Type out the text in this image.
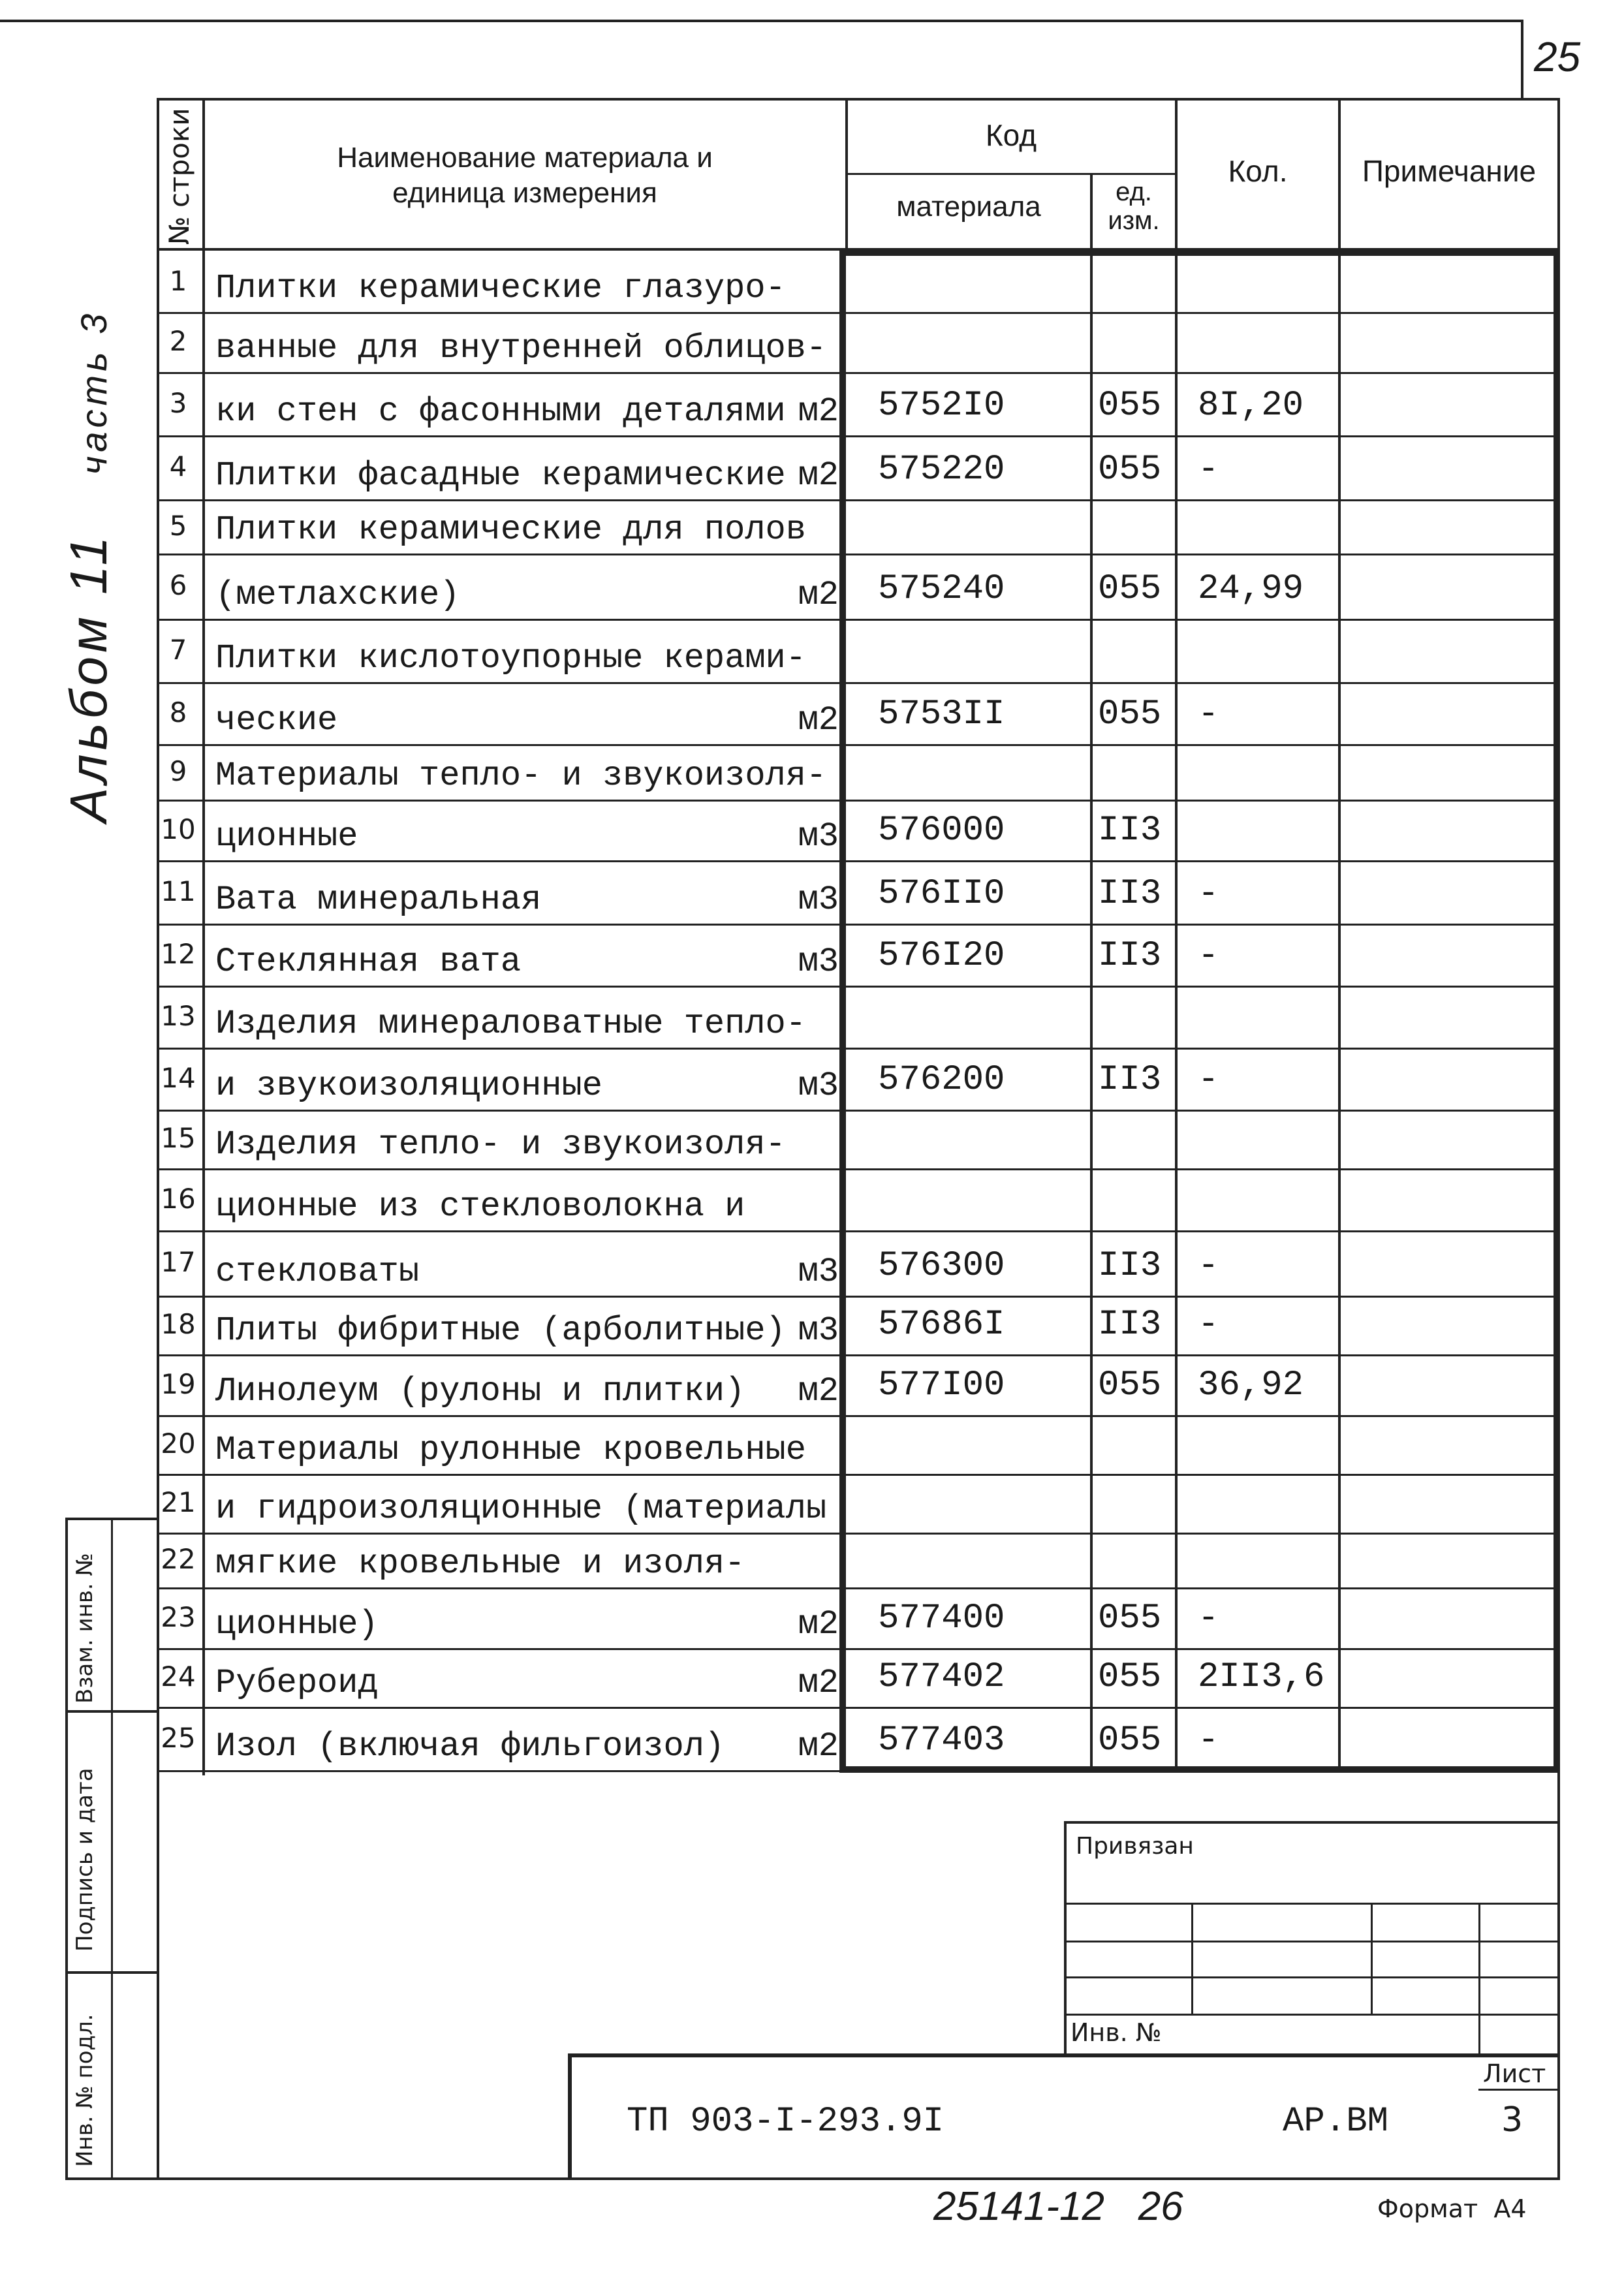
25
Альбом 11 часть 3
№ строки	Наименование материала и
единица измерения
Код
материала	ед.
изм.
Кол.	Примечание
1 Плитки керамические глазуро-
2 ванные для внутренней облицов-
3 ки стен с фасонными деталями м2 5752I0	055 8I,20
4 Плитки фасадные керамические м2 575220	055 -
5 Плитки керамические для полов
6 (метлахские)	м2 575240	055 24,99
7 Плитки кислотоупорные керами-
8 ческие	м2 5753II	055 -
9 Материалы тепло- и звукоизоля-
10 ционные	м3 576000	II3
11 Вата минеральная	м3 576II0	II3 -
12 Стеклянная вата	м3 576I20	II3 -
13 Изделия минераловатные тепло-
14 и звукоизоляционные	м3 576200	II3 -
15 Изделия тепло- и звукоизоля-
16 ционные из стекловолокна и
17 стекловаты	м3 576300	II3 -
18 Плиты фибритные (арболитные) м3 57686I	II3 -
19 Линолеум (рулоны и плитки) м2 577I00	055 36,92
20 Материалы рулонные кровельные
21 и гидроизоляционные (материалы
22 мягкие кровельные и изоля-
23 ционные)	м2 577400	055 -
24 Рубероид	м2 577402	055 2II3,6
25 Изол (включая фильгоизол) м2 577403	055 -
Взам. инв. №
Подпись и дата
Инв. № подл.
Привязан
Инв. №
ТП 903-I-293.9I	АР.ВМ
Лист
3
25141-12   26	Формат  А4
